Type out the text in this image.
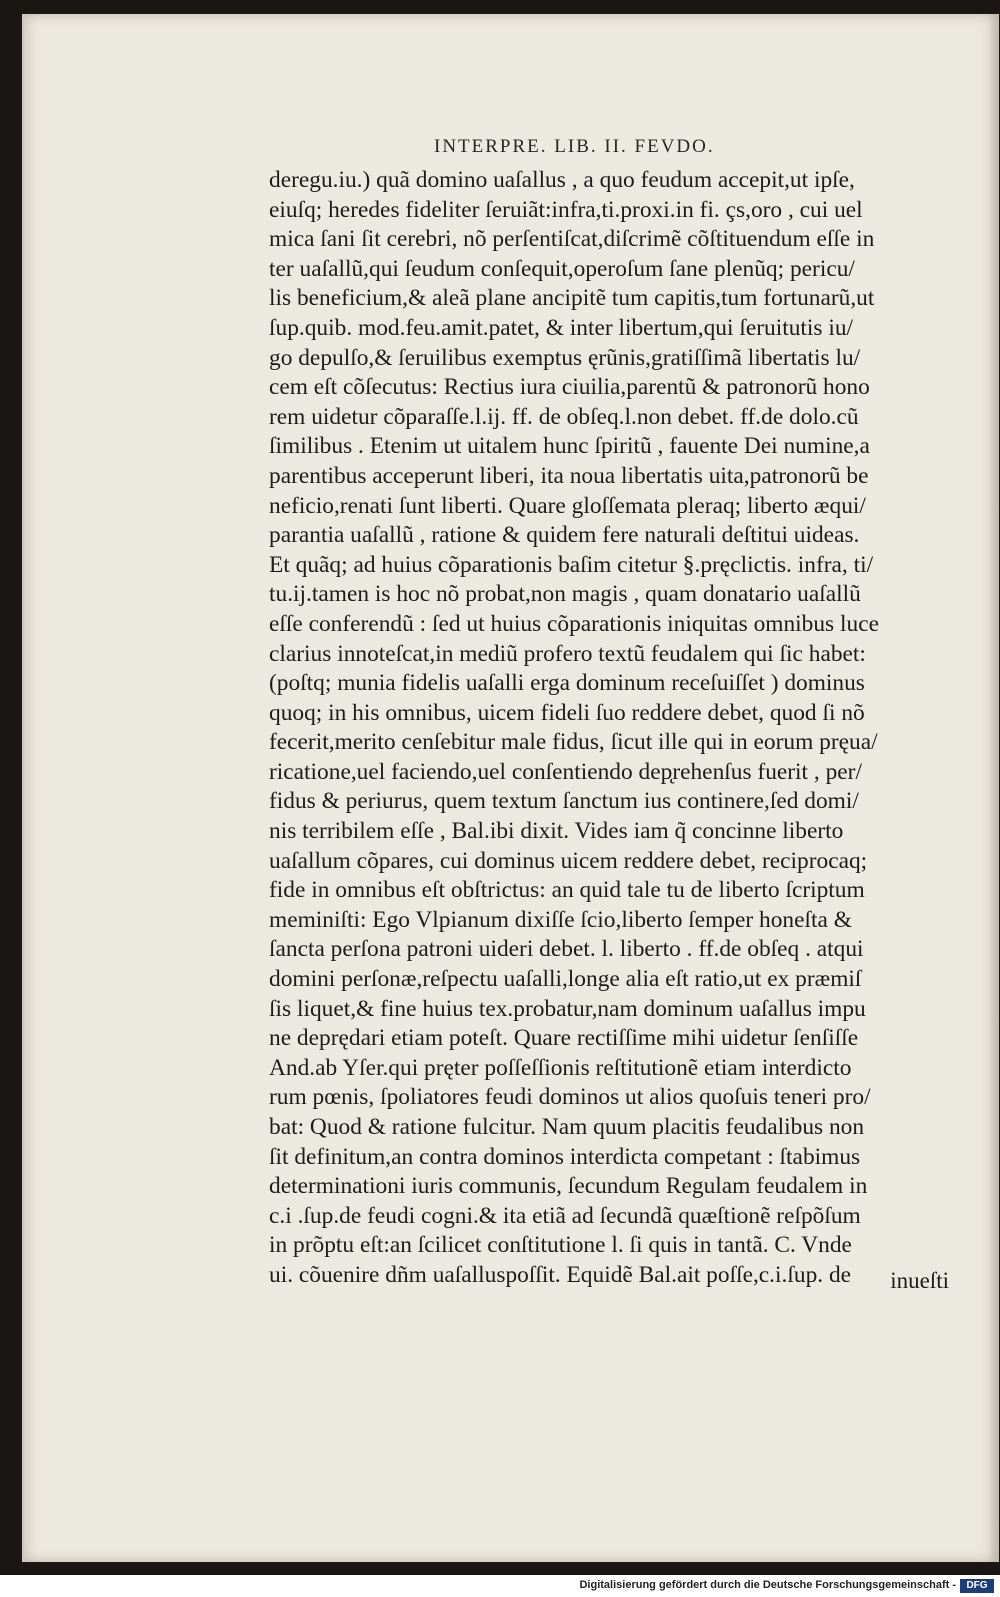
INTERPRE. LIB. II. FEVDO.
deregu.iu.) quã domino uaſallus , a quo feudum accepit,ut ipſe,
eiuſq; heredes fideliter ſeruiãt:infra,ti.proxi.in fi. çs,oro , cui uel
mica ſani ſit cerebri, nõ perſentiſcat,diſcrimẽ cõſtituendum eſſe in
ter uaſallũ,qui ſeudum conſequit,operoſum ſane plenũq; pericu/
lis beneficium,& aleã plane ancipitẽ tum capitis,tum fortunarũ,ut
ſup.quib. mod.feu.amit.patet, & inter libertum,qui ſeruitutis iu/
go depulſo,& ſeruilibus exemptus ęrũnis,gratiſſimã libertatis lu/
cem eſt cõſecutus: Rectius iura ciuilia,parentũ & patronorũ hono
rem uidetur cõparaſſe.l.ij. ff. de obſeq.l.non debet. ff.de dolo.cũ
ſimilibus . Etenim ut uitalem hunc ſpiritũ , fauente Dei numine,a
parentibus acceperunt liberi, ita noua libertatis uita,patronorũ be
neficio,renati ſunt liberti. Quare gloſſemata pleraq; liberto æqui/
parantia uaſallũ , ratione & quidem fere naturali deſtitui uideas.
Et quãq; ad huius cõparationis baſim citetur §.pręclictis. infra, ti/
tu.ij.tamen is hoc nõ probat,non magis , quam donatario uaſallũ
eſſe conferendũ : ſed ut huius cõparationis iniquitas omnibus luce
clarius innoteſcat,in mediũ profero textũ feudalem qui ſic habet:
(poſtq; munia fidelis uaſalli erga dominum receſuiſſet ) dominus
quoq; in his omnibus, uicem fideli ſuo reddere debet, quod ſi nõ
fecerit,merito cenſebitur male fidus, ſicut ille qui in eorum pręua/
ricatione,uel faciendo,uel conſentiendo dep̨rehenſus fuerit , per/
fidus & periurus, quem textum ſanctum ius continere,ſed domi/
nis terribilem eſſe , Bal.ibi dixit. Vides iam q̃ concinne liberto
uaſallum cõpares, cui dominus uicem reddere debet, reciprocaq;
fide in omnibus eſt obſtrictus: an quid tale tu de liberto ſcriptum
meminiſti: Ego Vlpianum dixiſſe ſcio,liberto ſemper honeſta &
ſancta perſona patroni uideri debet. l. liberto . ff.de obſeq . atqui
domini perſonæ,reſpectu uaſalli,longe alia eſt ratio,ut ex præmiſ
ſis liquet,& fine huius tex.probatur,nam dominum uaſallus impu
ne deprędari etiam poteſt. Quare rectiſſime mihi uidetur ſenſiſſe
And.ab Yſer.qui pręter poſſeſſionis reſtitutionẽ etiam interdicto
rum pœnis, ſpoliatores feudi dominos ut alios quoſuis teneri pro/
bat: Quod & ratione fulcitur. Nam quum placitis feudalibus non
ſit definitum,an contra dominos interdicta competant : ſtabimus
determinationi iuris communis, ſecundum Regulam feudalem in
c.i .ſup.de feudi cogni.& ita etiã ad ſecundã quæſtionẽ reſpõſum
in prõptu eſt:an ſcilicet conſtitutione l. ſi quis in tantã. C. Vnde
ui. cõuenire dñm uaſalluspoſſit. Equidẽ Bal.ait poſſe,c.i.ſup. de	inueſti
Digitalisierung gefördert durch die Deutsche Forschungsgemeinschaft -	DFG
